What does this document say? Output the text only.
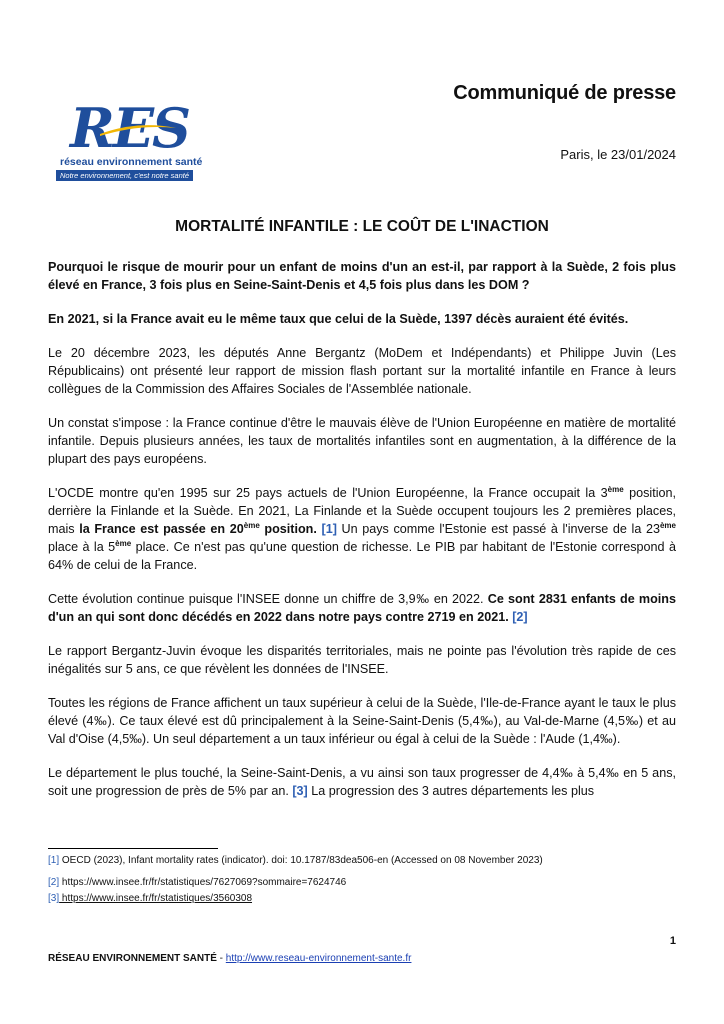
Communiqué de presse
RES
réseau environnement santé
Notre environnement, c'est notre santé
Paris, le 23/01/2024
MORTALITÉ INFANTILE : LE COÛT DE L'INACTION

Pourquoi le risque de mourir pour un enfant de moins d'un an est-il, par rapport à la Suède, 2 fois plus élevé en France, 3 fois plus en Seine-Saint-Denis et 4,5 fois plus dans les DOM ?

En 2021, si la France avait eu le même taux que celui de la Suède, 1397 décès auraient été évités.

Le 20 décembre 2023, les députés Anne Bergantz (MoDem et Indépendants) et Philippe Juvin (Les Républicains) ont présenté leur rapport de mission flash portant sur la mortalité infantile en France à leurs collègues de la Commission des Affaires Sociales de l'Assemblée nationale.

Un constat s'impose : la France continue d'être le mauvais élève de l'Union Européenne en matière de mortalité infantile. Depuis plusieurs années, les taux de mortalités infantiles sont en augmentation, à la différence de la plupart des pays européens.

L'OCDE montre qu'en 1995 sur 25 pays actuels de l'Union Européenne, la France occupait la 3ème position, derrière la Finlande et la Suède. En 2021, La Finlande et la Suède occupent toujours les 2 premières places, mais la France est passée en 20ème position. [1] Un pays comme l'Estonie est passé à l'inverse de la 23ème place à la 5ème place. Ce n'est pas qu'une question de richesse. Le PIB par habitant de l'Estonie correspond à 64% de celui de la France.

Cette évolution continue puisque l'INSEE donne un chiffre de 3,9‰ en 2022. Ce sont 2831 enfants de moins d'un an qui sont donc décédés en 2022 dans notre pays contre 2719 en 2021. [2]

Le rapport Bergantz-Juvin évoque les disparités territoriales, mais ne pointe pas l'évolution très rapide de ces inégalités sur 5 ans, ce que révèlent les données de l'INSEE.

Toutes les régions de France affichent un taux supérieur à celui de la Suède, l'Ile-de-France ayant le taux le plus élevé (4‰). Ce taux élevé est dû principalement à la Seine-Saint-Denis (5,4‰), au Val-de-Marne (4,5‰) et au Val d'Oise (4,5‰). Un seul département a un taux inférieur ou égal à celui de la Suède : l'Aude (1,4‰).

Le département le plus touché, la Seine-Saint-Denis, a vu ainsi son taux progresser de 4,4‰ à 5,4‰ en 5 ans, soit une progression de près de 5% par an. [3] La progression des 3 autres départements les plus

[1] OECD (2023), Infant mortality rates (indicator). doi: 10.1787/83dea506-en (Accessed on 08 November 2023)
[2] https://www.insee.fr/fr/statistiques/7627069?sommaire=7624746
[3] https://www.insee.fr/fr/statistiques/3560308
1
RÉSEAU ENVIRONNEMENT SANTÉ - http://www.reseau-environnement-sante.fr
